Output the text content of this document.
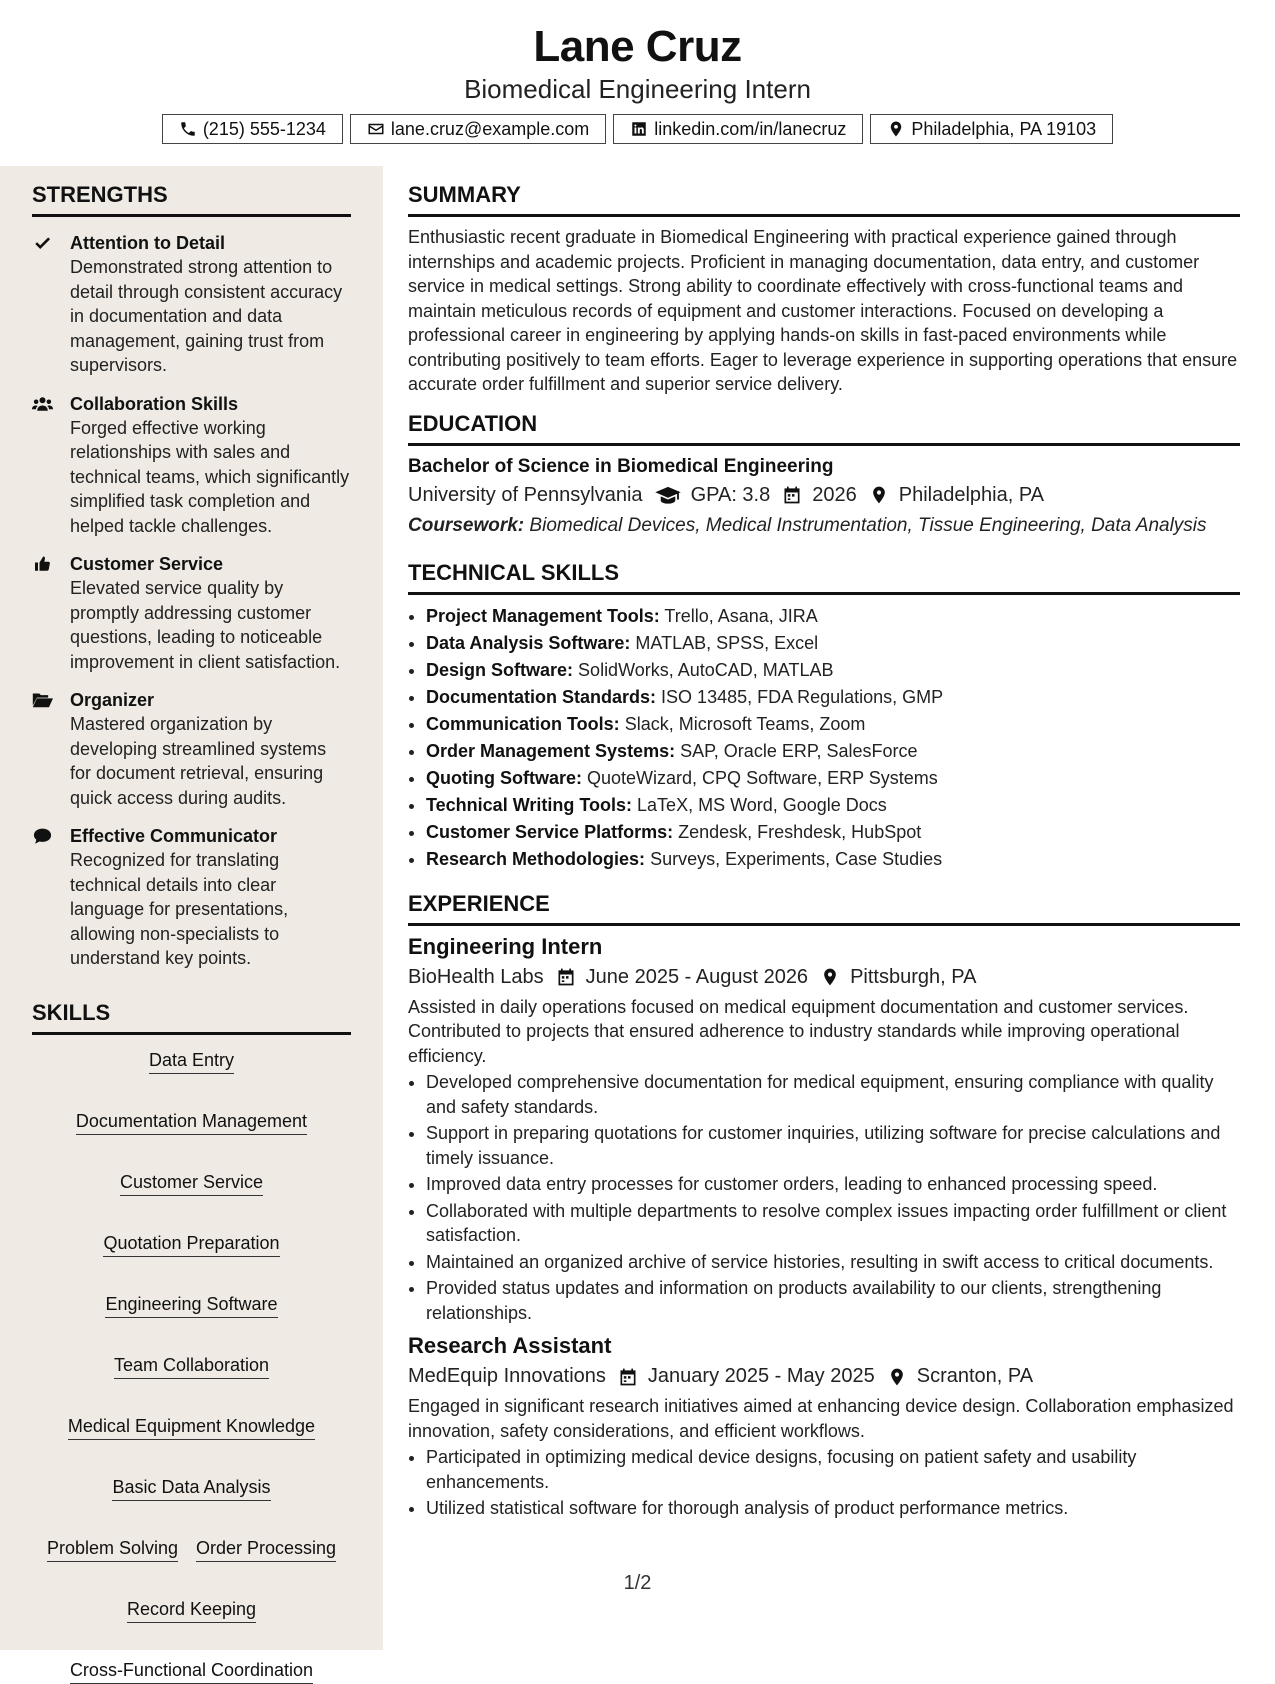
Lane Cruz
Biomedical Engineering Intern
(215) 555-1234	lane.cruz@example.com	linkedin.com/in/lanecruz	Philadelphia, PA 19103
STRENGTHS
Attention to Detail
Demonstrated strong attention to detail through consistent accuracy in documentation and data management, gaining trust from supervisors.
Collaboration Skills
Forged effective working relationships with sales and technical teams, which significantly simplified task completion and helped tackle challenges.
Customer Service
Elevated service quality by promptly addressing customer questions, leading to noticeable improvement in client satisfaction.
Organizer
Mastered organization by developing streamlined systems for document retrieval, ensuring quick access during audits.
Effective Communicator
Recognized for translating technical details into clear language for presentations, allowing non-specialists to understand key points.
SKILLS
Data Entry
Documentation Management
Customer Service
Quotation Preparation
Engineering Software
Team Collaboration
Medical Equipment Knowledge
Basic Data Analysis
Problem Solving Order Processing
Record Keeping
Cross-Functional Coordination
SUMMARY
Enthusiastic recent graduate in Biomedical Engineering with practical experience gained through internships and academic projects. Proficient in managing documentation, data entry, and customer service in medical settings. Strong ability to coordinate effectively with cross-functional teams and maintain meticulous records of equipment and customer interactions. Focused on developing a professional career in engineering by applying hands-on skills in fast-paced environments while contributing positively to team efforts. Eager to leverage experience in supporting operations that ensure accurate order fulfillment and superior service delivery.
EDUCATION
Bachelor of Science in Biomedical Engineering
University of Pennsylvania GPA: 3.8 2026 Philadelphia, PA
Coursework: Biomedical Devices, Medical Instrumentation, Tissue Engineering, Data Analysis
TECHNICAL SKILLS
• Project Management Tools: Trello, Asana, JIRA
• Data Analysis Software: MATLAB, SPSS, Excel
• Design Software: SolidWorks, AutoCAD, MATLAB
• Documentation Standards: ISO 13485, FDA Regulations, GMP
• Communication Tools: Slack, Microsoft Teams, Zoom
• Order Management Systems: SAP, Oracle ERP, SalesForce
• Quoting Software: QuoteWizard, CPQ Software, ERP Systems
• Technical Writing Tools: LaTeX, MS Word, Google Docs
• Customer Service Platforms: Zendesk, Freshdesk, HubSpot
• Research Methodologies: Surveys, Experiments, Case Studies
EXPERIENCE
Engineering Intern
BioHealth Labs June 2025 - August 2026 Pittsburgh, PA
Assisted in daily operations focused on medical equipment documentation and customer services. Contributed to projects that ensured adherence to industry standards while improving operational efficiency.
• Developed comprehensive documentation for medical equipment, ensuring compliance with quality and safety standards.
• Support in preparing quotations for customer inquiries, utilizing software for precise calculations and timely issuance.
• Improved data entry processes for customer orders, leading to enhanced processing speed.
• Collaborated with multiple departments to resolve complex issues impacting order fulfillment or client satisfaction.
• Maintained an organized archive of service histories, resulting in swift access to critical documents.
• Provided status updates and information on products availability to our clients, strengthening relationships.
Research Assistant
MedEquip Innovations January 2025 - May 2025 Scranton, PA
Engaged in significant research initiatives aimed at enhancing device design. Collaboration emphasized innovation, safety considerations, and efficient workflows.
• Participated in optimizing medical device designs, focusing on patient safety and usability enhancements.
• Utilized statistical software for thorough analysis of product performance metrics.
1/2
